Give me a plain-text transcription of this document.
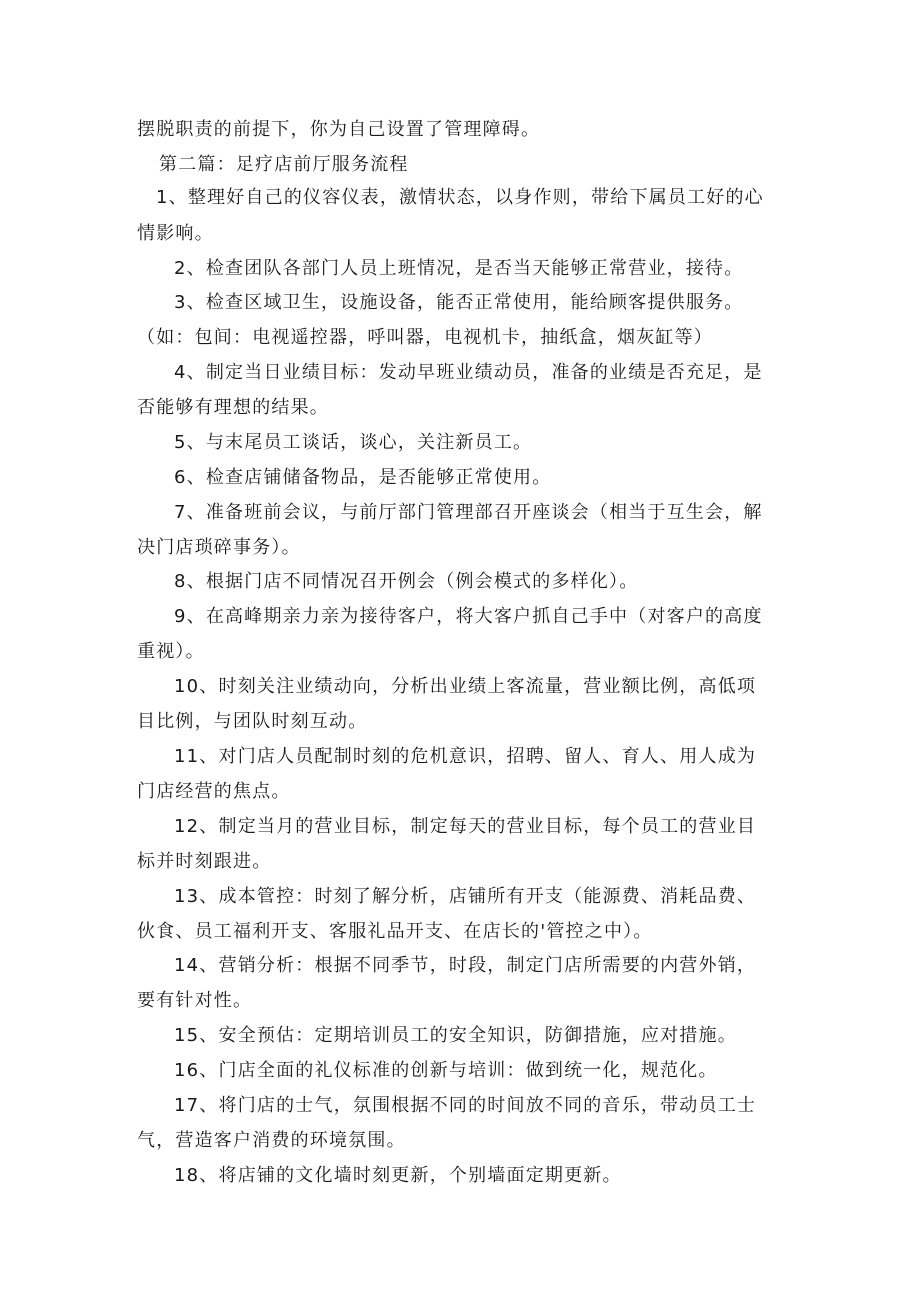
摆脱职责的前提下，你为自己设置了管理障碍。
第二篇：足疗店前厅服务流程
1、整理好自己的仪容仪表，激情状态，以身作则，带给下属员工好的心
情影响。
2、检查团队各部门人员上班情况，是否当天能够正常营业，接待。
3、检查区域卫生，设施设备，能否正常使用，能给顾客提供服务。
（如：包间：电视遥控器，呼叫器，电视机卡，抽纸盒，烟灰缸等）
4、制定当日业绩目标：发动早班业绩动员，准备的业绩是否充足，是
否能够有理想的结果。
5、与末尾员工谈话，谈心，关注新员工。
6、检查店铺储备物品，是否能够正常使用。
7、准备班前会议，与前厅部门管理部召开座谈会（相当于互生会，解
决门店琐碎事务）。
8、根据门店不同情况召开例会（例会模式的多样化）。
9、在高峰期亲力亲为接待客户，将大客户抓自己手中（对客户的高度
重视）。
10、时刻关注业绩动向，分析出业绩上客流量，营业额比例，高低项
目比例，与团队时刻互动。
11、对门店人员配制时刻的危机意识，招聘、留人、育人、用人成为
门店经营的焦点。
12、制定当月的营业目标，制定每天的营业目标，每个员工的营业目
标并时刻跟进。
13、成本管控：时刻了解分析，店铺所有开支（能源费、消耗品费、
伙食、员工福利开支、客服礼品开支、在店长的'管控之中）。
14、营销分析：根据不同季节，时段，制定门店所需要的内营外销，
要有针对性。
15、安全预估：定期培训员工的安全知识，防御措施，应对措施。
16、门店全面的礼仪标准的创新与培训：做到统一化，规范化。
17、将门店的士气，氛围根据不同的时间放不同的音乐，带动员工士
气，营造客户消费的环境氛围。
18、将店铺的文化墙时刻更新，个别墙面定期更新。
